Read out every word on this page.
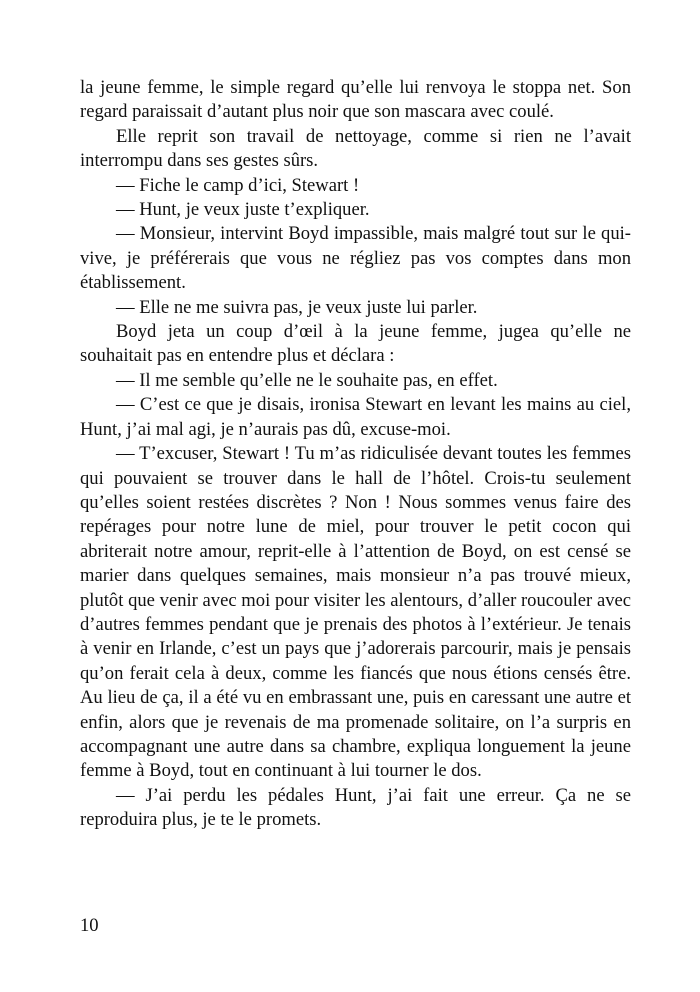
la jeune femme, le simple regard qu’elle lui renvoya le stoppa net. Son regard paraissait d’autant plus noir que son mascara avec coulé.

Elle reprit son travail de nettoyage, comme si rien ne l’avait interrompu dans ses gestes sûrs.

— Fiche le camp d’ici, Stewart !

— Hunt, je veux juste t’expliquer.

— Monsieur, intervint Boyd impassible, mais malgré tout sur le qui-vive, je préférerais que vous ne régliez pas vos comptes dans mon établissement.

— Elle ne me suivra pas, je veux juste lui parler.

Boyd jeta un coup d’œil à la jeune femme, jugea qu’elle ne souhaitait pas en entendre plus et déclara :

— Il me semble qu’elle ne le souhaite pas, en effet.

— C’est ce que je disais, ironisa Stewart en levant les mains au ciel, Hunt, j’ai mal agi, je n’aurais pas dû, excuse-moi.

— T’excuser, Stewart ! Tu m’as ridiculisée devant toutes les femmes qui pouvaient se trouver dans le hall de l’hôtel. Crois-tu seulement qu’elles soient restées discrètes ? Non ! Nous sommes venus faire des repérages pour notre lune de miel, pour trouver le petit cocon qui abriterait notre amour, reprit-elle à l’attention de Boyd, on est censé se marier dans quelques semaines, mais monsieur n’a pas trouvé mieux, plutôt que venir avec moi pour visiter les alentours, d’aller roucouler avec d’autres femmes pendant que je prenais des photos à l’extérieur. Je tenais à venir en Irlande, c’est un pays que j’adorerais parcourir, mais je pensais qu’on ferait cela à deux, comme les fiancés que nous étions censés être. Au lieu de ça, il a été vu en embrassant une, puis en caressant une autre et enfin, alors que je revenais de ma promenade solitaire, on l’a surpris en accompagnant une autre dans sa chambre, expliqua longuement la jeune femme à Boyd, tout en continuant à lui tourner le dos.

— J’ai perdu les pédales Hunt, j’ai fait une erreur. Ça ne se reproduira plus, je te le promets.

10
